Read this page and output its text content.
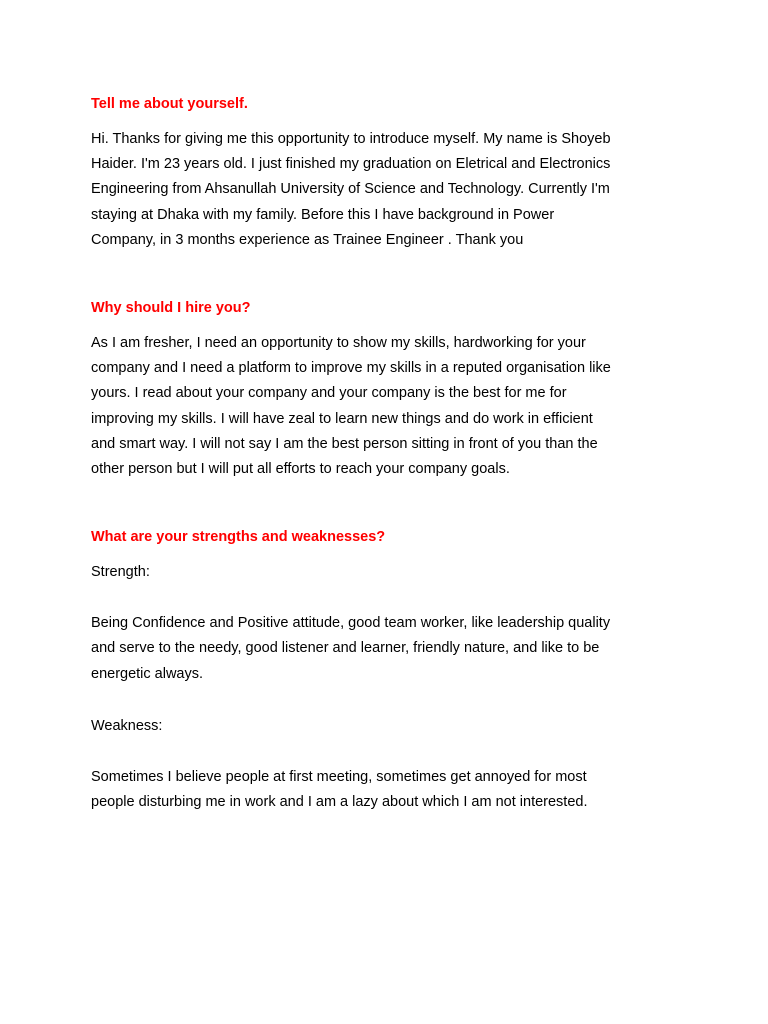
Tell me about yourself.

Hi. Thanks for giving me this opportunity to introduce myself. My name is Shoyeb
Haider. I'm 23 years old. I just finished my graduation on Eletrical and Electronics
Engineering from Ahsanullah University of Science and Technology. Currently I'm
staying at Dhaka with my family. Before this I have background in Power
Company, in 3 months experience as Trainee Engineer . Thank you

Why should I hire you?

As I am fresher, I need an opportunity to show my skills, hardworking for your
company and I need a platform to improve my skills in a reputed organisation like
yours. I read about your company and your company is the best for me for
improving my skills. I will have zeal to learn new things and do work in efficient
and smart way. I will not say I am the best person sitting in front of you than the
other person but I will put all efforts to reach your company goals.

What are your strengths and weaknesses?

Strength:

Being Confidence and Positive attitude, good team worker, like leadership quality
and serve to the needy, good listener and learner, friendly nature, and like to be
energetic always.

Weakness:

Sometimes I believe people at first meeting, sometimes get annoyed for most
people disturbing me in work and I am a lazy about which I am not interested.
